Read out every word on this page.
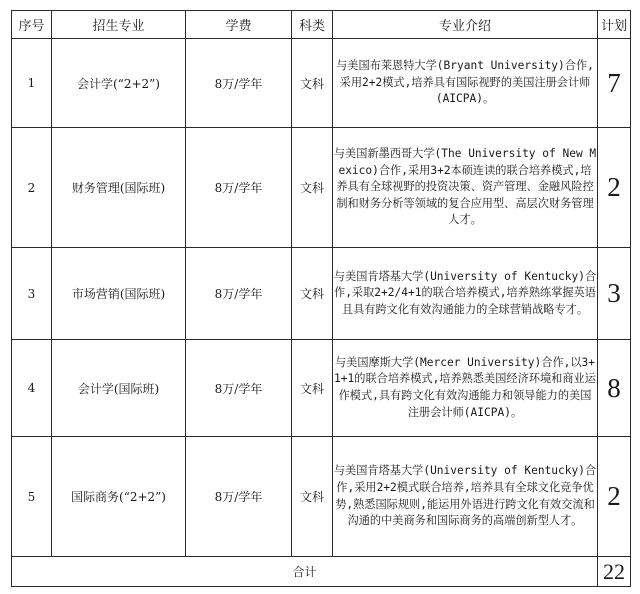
序号	招生专业	学费	科类	专业介绍	计划
1	会计学(“2+2”)	8万/学年	文科	与美国布莱恩特大学(Bryant University)合作,采用2+2模式,培养具有国际视野的美国注册会计师(AICPA)。	7
2	财务管理(国际班)	8万/学年	文科	与美国新墨西哥大学(The University of New Mexico)合作,采用3+2本硕连读的联合培养模式,培养具有全球视野的投资决策、资产管理、金融风险控制和财务分析等领域的复合应用型、高层次财务管理人才。	2
3	市场营销(国际班)	8万/学年	文科	与美国肯塔基大学(University of Kentucky)合作,采取2+2/4+1的联合培养模式,培养熟练掌握英语且具有跨文化有效沟通能力的全球营销战略专才。	3
4	会计学(国际班)	8万/学年	文科	与美国摩斯大学(Mercer University)合作,以3+1+1的联合培养模式,培养熟悉美国经济环境和商业运作模式,具有跨文化有效沟通能力和领导能力的美国注册会计师(AICPA)。	8
5	国际商务(“2+2”)	8万/学年	文科	与美国肯塔基大学(University of Kentucky)合作,采用2+2模式联合培养,培养具有全球文化竞争优势,熟悉国际规则,能运用外语进行跨文化有效交流和沟通的中美商务和国际商务的高端创新型人才。	2
合计					22
